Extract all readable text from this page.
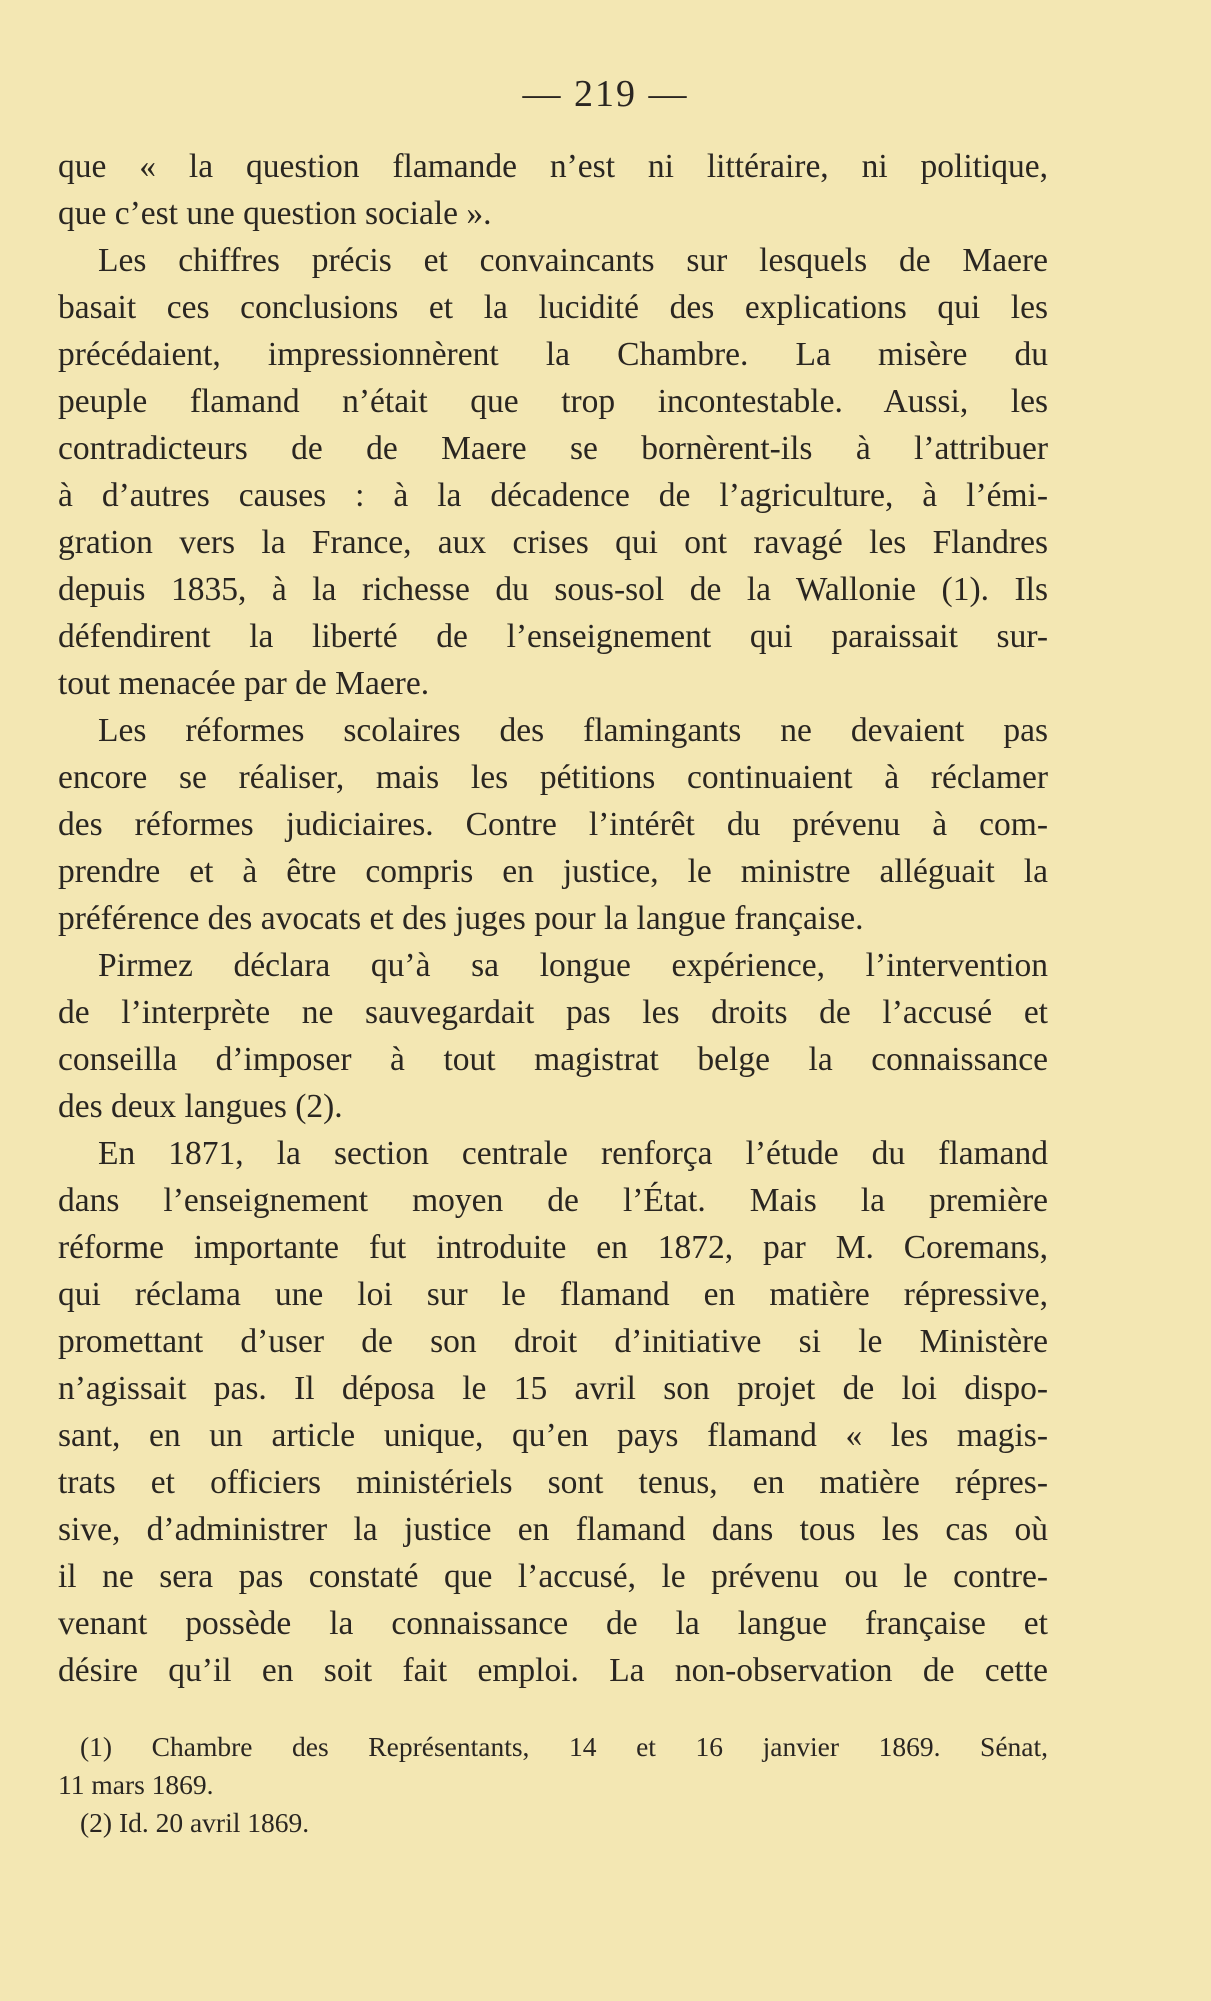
— 219 —
que « la question flamande n’est ni littéraire, ni politique,
que c’est une question sociale ».
Les chiffres précis et convaincants sur lesquels de Maere
basait ces conclusions et la lucidité des explications qui les
précédaient, impressionnèrent la Chambre. La misère du
peuple flamand n’était que trop incontestable. Aussi, les
contradicteurs de de Maere se bornèrent-ils à l’attribuer
à d’autres causes : à la décadence de l’agriculture, à l’émi-
gration vers la France, aux crises qui ont ravagé les Flandres
depuis 1835, à la richesse du sous-sol de la Wallonie (1). Ils
défendirent la liberté de l’enseignement qui paraissait sur-
tout menacée par de Maere.
Les réformes scolaires des flamingants ne devaient pas
encore se réaliser, mais les pétitions continuaient à réclamer
des réformes judiciaires. Contre l’intérêt du prévenu à com-
prendre et à être compris en justice, le ministre alléguait la
préférence des avocats et des juges pour la langue française.
Pirmez déclara qu’à sa longue expérience, l’intervention
de l’interprète ne sauvegardait pas les droits de l’accusé et
conseilla d’imposer à tout magistrat belge la connaissance
des deux langues (2).
En 1871, la section centrale renforça l’étude du flamand
dans l’enseignement moyen de l’État. Mais la première
réforme importante fut introduite en 1872, par M. Coremans,
qui réclama une loi sur le flamand en matière répressive,
promettant d’user de son droit d’initiative si le Ministère
n’agissait pas. Il déposa le 15 avril son projet de loi dispo-
sant, en un article unique, qu’en pays flamand « les magis-
trats et officiers ministériels sont tenus, en matière répres-
sive, d’administrer la justice en flamand dans tous les cas où
il ne sera pas constaté que l’accusé, le prévenu ou le contre-
venant possède la connaissance de la langue française et
désire qu’il en soit fait emploi. La non-observation de cette
(1) Chambre des Représentants, 14 et 16 janvier 1869. Sénat,
11 mars 1869.
(2) Id. 20 avril 1869.
